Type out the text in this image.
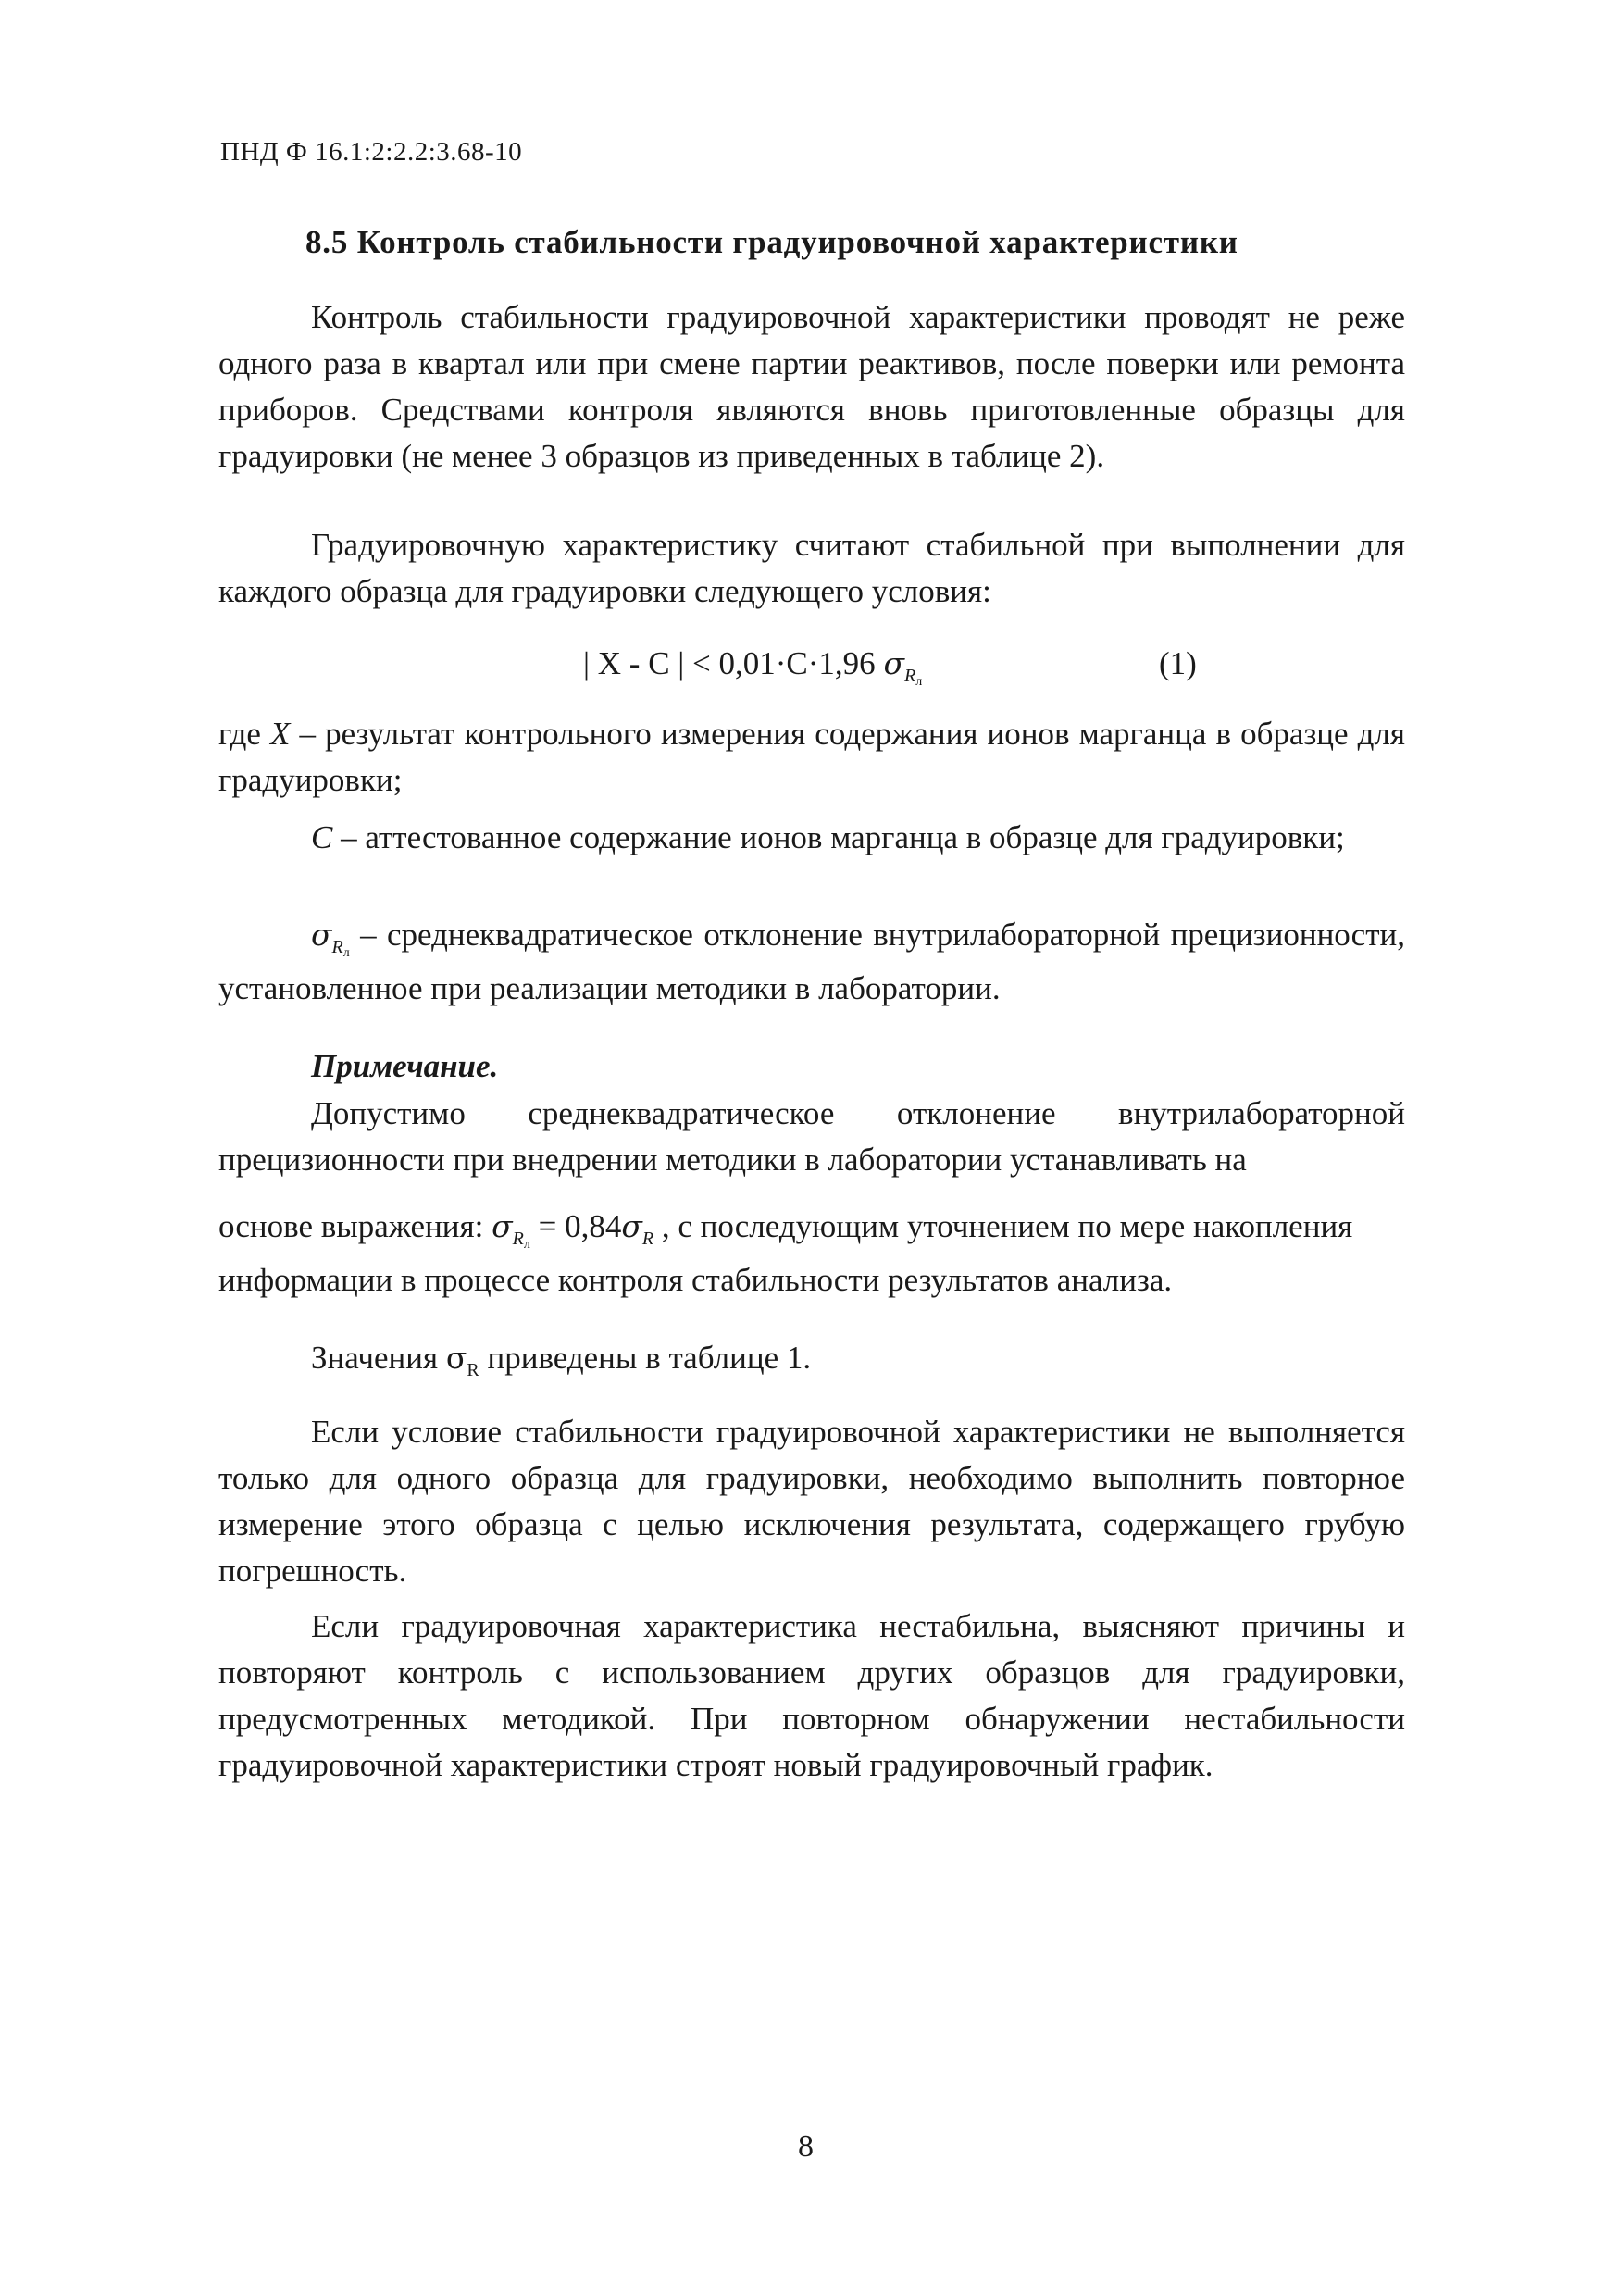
ПНД Ф 16.1:2:2.2:3.68-10
8.5 Контроль стабильности градуировочной характеристики
Контроль стабильности градуировочной характеристики проводят не реже одного раза в квартал или при смене партии реактивов, после поверки или ремонта приборов. Средствами контроля являются вновь приготовленные образцы для градуировки (не менее 3 образцов из приведенных в таблице 2).
Градуировочную характеристику считают стабильной при выполнении для каждого образца для градуировки следующего условия:
| X - C | < 0,01·C·1,96 $\sigma_{Rл}$
(1)
где X – результат контрольного измерения содержания ионов марганца в образце для градуировки;
C – аттестованное содержание ионов марганца в образце для градуировки;
$\sigma_{Rл}$ – среднеквадратическое отклонение внутрилабораторной прецизионности, установленное при реализации методики в лаборатории.
Примечание.
Допустимо среднеквадратическое отклонение внутрилабораторной прецизионности при внедрении методики в лаборатории устанавливать на
основе выражения: $\sigma_{Rл} = 0,84\sigma_R$ , с последующим уточнением по мере накопления информации в процессе контроля стабильности результатов анализа.
Значения $\sigma_R$ приведены в таблице 1.
Если условие стабильности градуировочной характеристики не выполняется только для одного образца для градуировки, необходимо выполнить повторное измерение этого образца с целью исключения результата, содержащего грубую погрешность.
Если градуировочная характеристика нестабильна, выясняют причины и повторяют контроль с использованием других образцов для градуировки, предусмотренных методикой. При повторном обнаружении нестабильности градуировочной характеристики строят новый градуировочный график.
8
